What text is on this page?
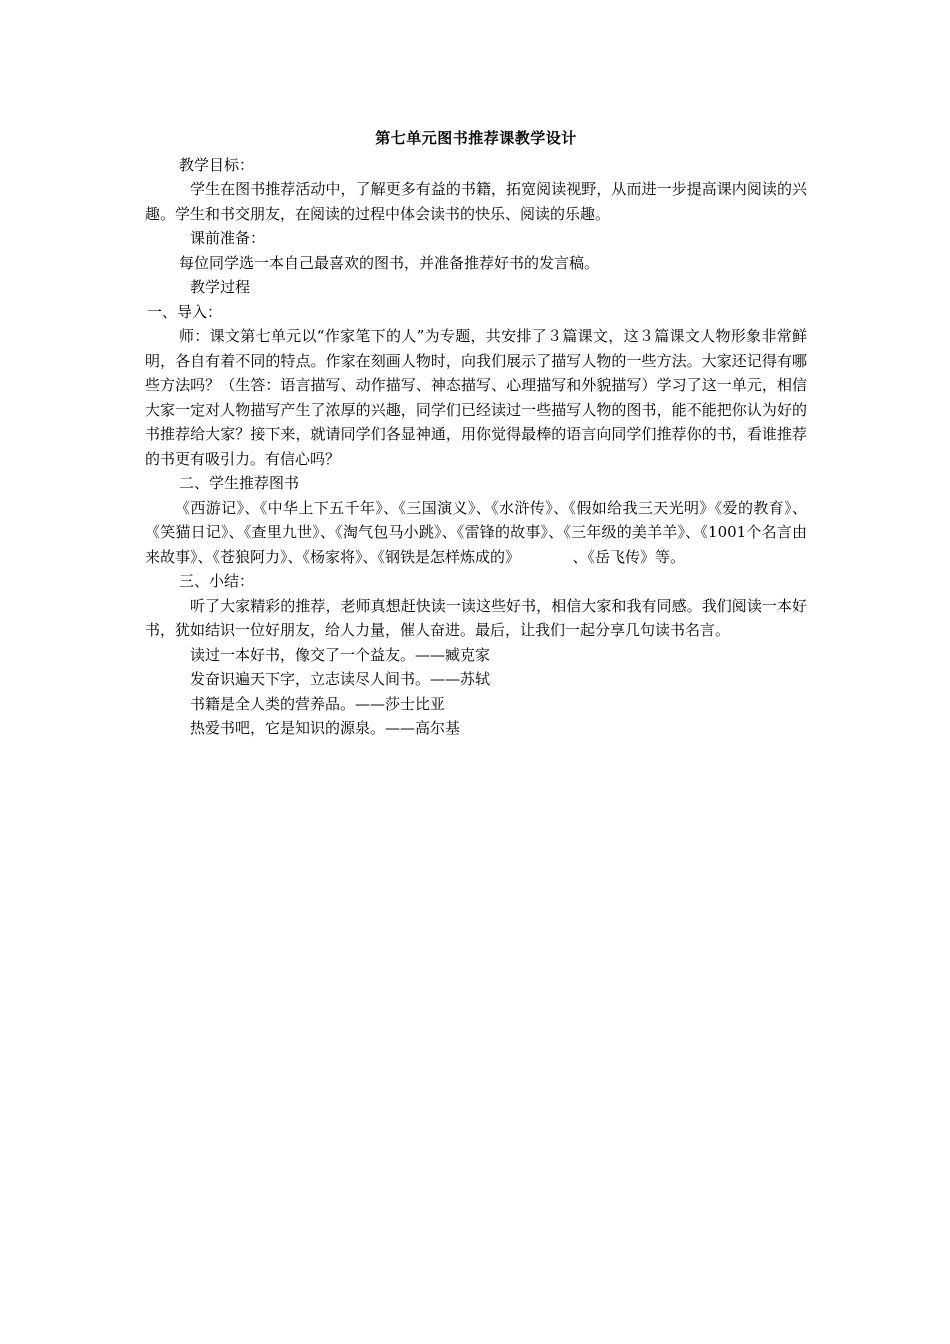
第七单元图书推荐课教学设计

教学目标：

学生在图书推荐活动中，了解更多有益的书籍，拓宽阅读视野，从而进一步提高课内阅读的兴趣。学生和书交朋友，在阅读的过程中体会读书的快乐、阅读的乐趣。

课前准备：

每位同学选一本自己最喜欢的图书，并准备推荐好书的发言稿。

教学过程

一、导入：

师：课文第七单元以“作家笔下的人”为专题，共安排了３篇课文，这３篇课文人物形象非常鲜明，各自有着不同的特点。作家在刻画人物时，向我们展示了描写人物的一些方法。大家还记得有哪些方法吗？（生答：语言描写、动作描写、神态描写、心理描写和外貌描写）学习了这一单元，相信大家一定对人物描写产生了浓厚的兴趣，同学们已经读过一些描写人物的图书，能不能把你认为好的书推荐给大家？接下来，就请同学们各显神通，用你觉得最棒的语言向同学们推荐你的书，看谁推荐的书更有吸引力。有信心吗？

二、学生推荐图书

《西游记》、《中华上下五千年》、《三国演义》、《水浒传》、《假如给我三天光明》《爱的教育》、《笑猫日记》、《查里九世》、《淘气包马小跳》、《雷锋的故事》、《三年级的美羊羊》、《1001个名言由来故事》、《苍狼阿力》、《杨家将》、《钢铁是怎样炼成的》　　　　、《岳飞传》等。

三、小结：

听了大家精彩的推荐，老师真想赶快读一读这些好书，相信大家和我有同感。我们阅读一本好书，犹如结识一位好朋友，给人力量，催人奋进。最后，让我们一起分享几句读书名言。

读过一本好书，像交了一个益友。——臧克家

发奋识遍天下字，立志读尽人间书。——苏轼

书籍是全人类的营养品。——莎士比亚

热爱书吧，它是知识的源泉。——高尔基
